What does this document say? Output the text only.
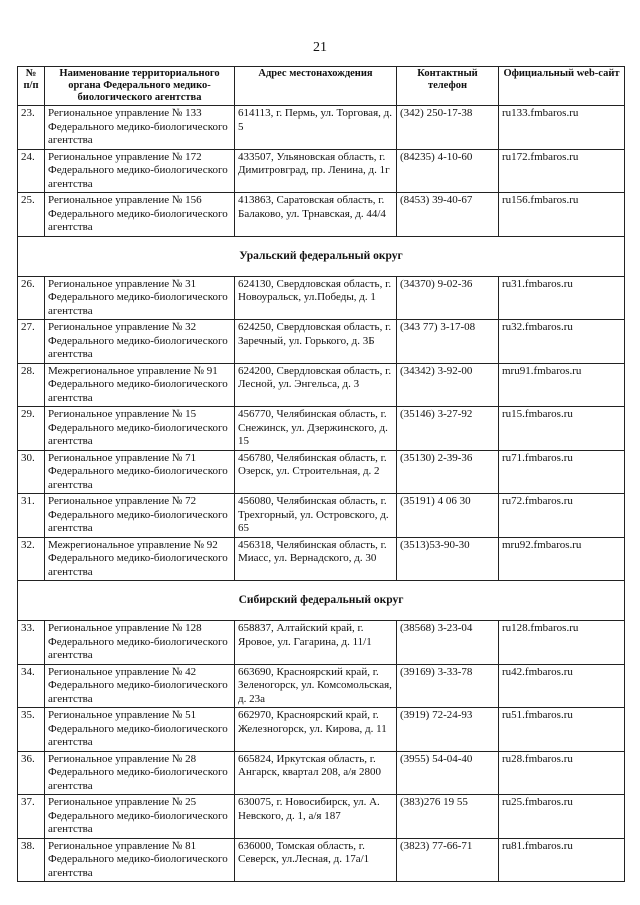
21
№ п/п	Наименование территориального органа Федерального медико-биологического агентства	Адрес местонахождения	Контактный телефон	Официальный web-сайт
23.	Региональное управление № 133 Федерального медико-биологического агентства	614113, г. Пермь, ул. Торговая, д. 5	(342) 250-17-38	ru133.fmbaros.ru
24.	Региональное управление № 172 Федерального медико-биологического агентства	433507, Ульяновская область, г. Димитровград, пр. Ленина, д. 1г	(84235) 4-10-60	ru172.fmbaros.ru
25.	Региональное управление № 156 Федерального медико-биологического агентства	413863, Саратовская область, г. Балаково, ул. Трнавская, д. 44/4	(8453) 39-40-67	ru156.fmbaros.ru

Уральский федеральный округ				

26.	Региональное управление № 31 Федерального медико-биологического агентства	624130, Свердловская область, г. Новоуральск, ул.Победы, д. 1	(34370) 9-02-36	ru31.fmbaros.ru
27.	Региональное управление № 32 Федерального медико-биологического агентства	624250, Свердловская область, г. Заречный, ул. Горького, д. 3Б	(343 77) 3-17-08	ru32.fmbaros.ru
28.	Межрегиональное управление № 91 Федерального медико-биологического агентства	624200, Свердловская область, г. Лесной, ул. Энгельса, д. 3	(34342) 3-92-00	mru91.fmbaros.ru
29.	Региональное управление № 15 Федерального медико-биологического агентства	456770, Челябинская область, г. Снежинск, ул. Дзержинского, д. 15	(35146) 3-27-92	ru15.fmbaros.ru
30.	Региональное управление № 71 Федерального медико-биологического агентства	456780, Челябинская область, г. Озерск, ул. Строительная, д. 2	(35130) 2-39-36	ru71.fmbaros.ru
31.	Региональное управление № 72 Федерального медико-биологического агентства	456080, Челябинская область, г. Трехгорный, ул. Островского, д. 65	(35191) 4 06 30	ru72.fmbaros.ru
32.	Межрегиональное управление № 92 Федерального медико-биологического агентства	456318, Челябинская область, г. Миасс, ул. Вернадского, д. 30	(3513)53-90-30	mru92.fmbaros.ru

Сибирский федеральный округ				

33.	Региональное управление № 128 Федерального медико-биологического агентства	658837, Алтайский край, г. Яровое, ул. Гагарина, д. 11/1	(38568) 3-23-04	ru128.fmbaros.ru
34.	Региональное управление № 42 Федерального медико-биологического агентства	663690, Красноярский край, г. Зеленогорск, ул. Комсомольская, д. 23а	(39169) 3-33-78	ru42.fmbaros.ru
35.	Региональное управление № 51 Федерального медико-биологического агентства	662970, Красноярский край, г. Железногорск, ул. Кирова, д. 11	(3919) 72-24-93	ru51.fmbaros.ru
36.	Региональное управление № 28 Федерального медико-биологического агентства	665824, Иркутская область, г. Ангарск, квартал 208, а/я 2800	(3955) 54-04-40	ru28.fmbaros.ru
37.	Региональное управление № 25 Федерального медико-биологического агентства	630075, г. Новосибирск, ул. А. Невского, д. 1, а/я 187	(383)276 19 55	ru25.fmbaros.ru
38.	Региональное управление № 81 Федерального медико-биологического агентства	636000, Томская область, г. Северск, ул.Лесная, д. 17а/1	(3823) 77-66-71	ru81.fmbaros.ru
